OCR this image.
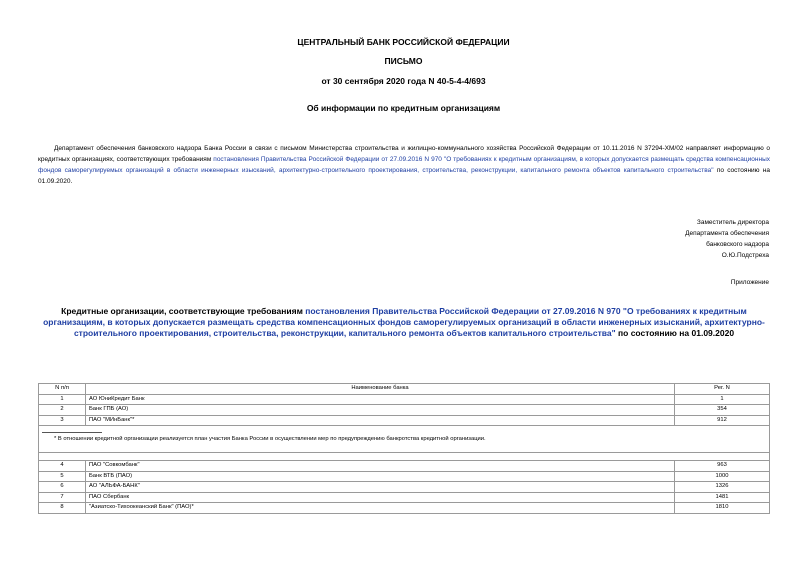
ЦЕНТРАЛЬНЫЙ БАНК РОССИЙСКОЙ ФЕДЕРАЦИИ
ПИСЬМО
от 30 сентября 2020 года N 40-5-4-4/693
Об информации по кредитным организациям
Департамент обеспечения банковского надзора Банка России в связи с письмом Министерства строительства и жилищно-коммунального хозяйства Российской Федерации от 10.11.2016 N 37294-ХМ/02 направляет информацию о кредитных организациях, соответствующих требованиям постановления Правительства Российской Федерации от 27.09.2016 N 970 "О требованиях к кредитным организациям, в которых допускается размещать средства компенсационных фондов саморегулируемых организаций в области инженерных изысканий, архитектурно-строительного проектирования, строительства, реконструкции, капитального ремонта объектов капитального строительства" по состоянию на 01.09.2020.
Заместитель директора
Департамента обеспечения
банковского надзора
О.Ю.Подстреха
Приложение
Кредитные организации, соответствующие требованиям постановления Правительства Российской Федерации от 27.09.2016 N 970 "О требованиях к кредитным организациям, в которых допускается размещать средства компенсационных фондов саморегулируемых организаций в области инженерных изысканий, архитектурно-строительного проектирования, строительства, реконструкции, капитального ремонта объектов капитального строительства" по состоянию на 01.09.2020
N п/п	Наименование банка	Рег. N
1	АО ЮниКредит Банк	1
2	Банк ГПБ (АО)	354
3	ПАО "МИнБанк"*	912

* В отношении кредитной организации реализуется план участия Банка России в осуществлении мер по предупреждению банкротства кредитной организации.		

4	ПАО "Совкомбанк"	963
5	Банк ВТБ (ПАО)	1000
6	АО "АЛЬФА-БАНК"	1326
7	ПАО Сбербанк	1481
8	"Азиатско-Тихоокеанский Банк" (ПАО)*	1810
